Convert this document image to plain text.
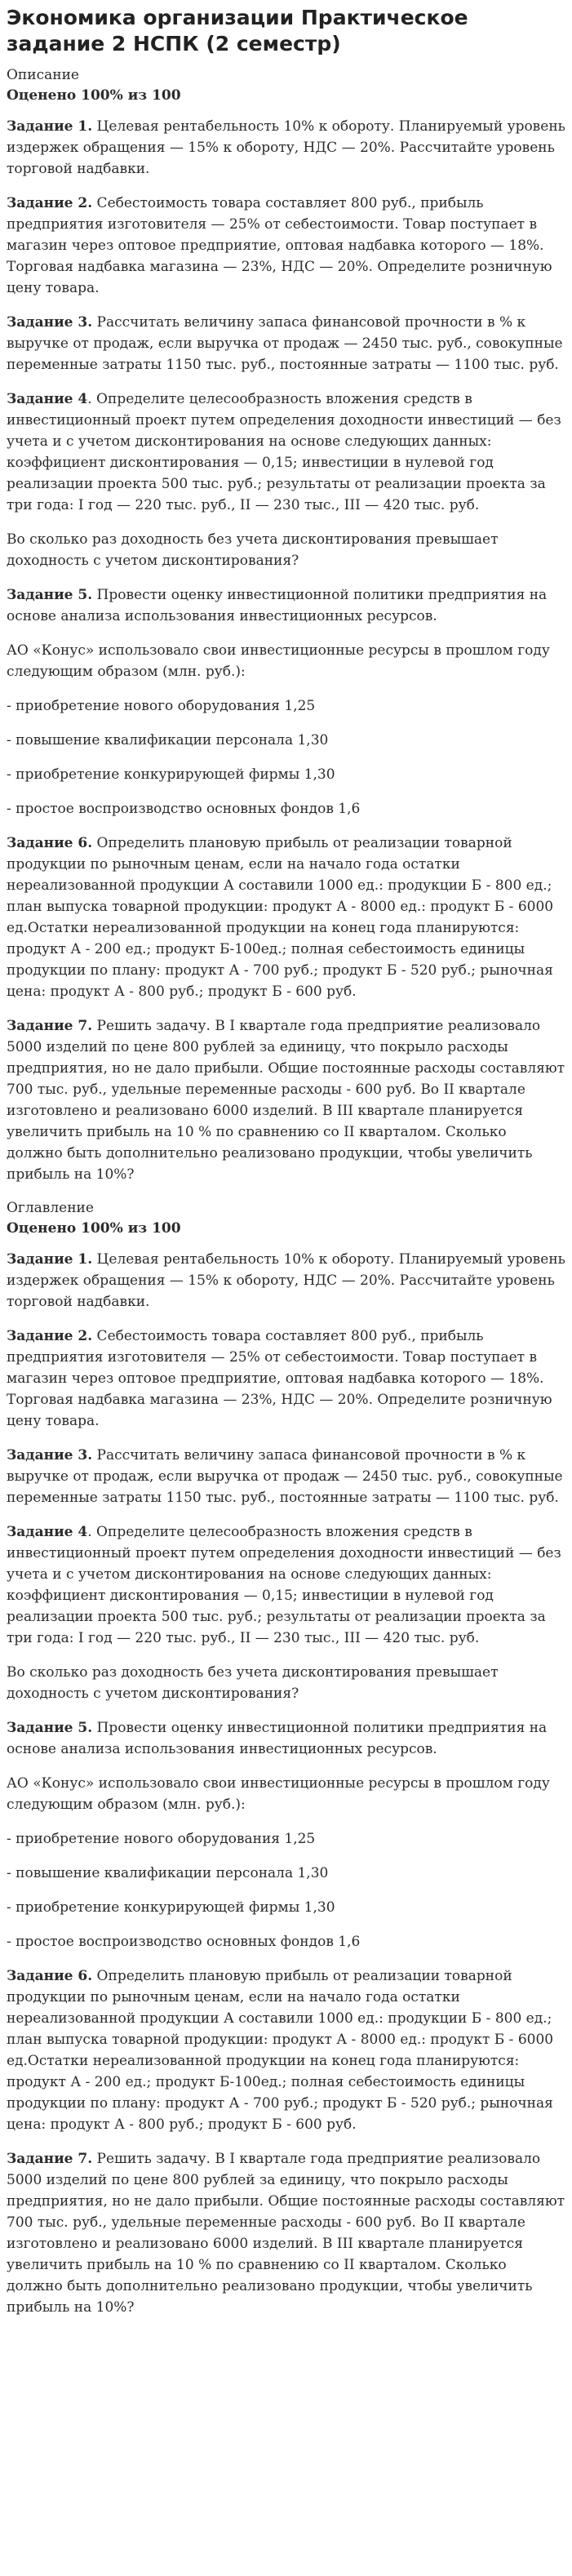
Экономика организации Практическое задание 2 НСПК (2 семестр)
Описание
Оценено 100% из 100
Задание 1. Целевая рентабельность 10% к обороту. Планируемый уровень издержек обращения — 15% к обороту, НДС — 20%. Рассчитайте уровень торговой надбавки.
Задание 2. Себестоимость товара составляет 800 руб., прибыль предприятия изготовителя — 25% от себестоимости. Товар поступает в магазин через оптовое предприятие, оптовая надбавка которого — 18%. Торговая надбавка магазина — 23%, НДС — 20%. Определите розничную цену товара.
Задание 3. Рассчитать величину запаса финансовой прочности в % к выручке от продаж, если выручка от продаж — 2450 тыс. руб., совокупные переменные затраты 1150 тыс. руб., постоянные затраты — 1100 тыс. руб.
Задание 4. Определите целесообразность вложения средств в инвестиционный проект путем определения доходности инвестиций — без учета и с учетом дисконтирования на основе следующих данных: коэффициент дисконтирования — 0,15; инвестиции в нулевой год реализации проекта 500 тыс. руб.; результаты от реализации проекта за три года: I год — 220 тыс. руб., II — 230 тыс., III — 420 тыс. руб.
Во сколько раз доходность без учета дисконтирования превышает доходность с учетом дисконтирования?
Задание 5. Провести оценку инвестиционной политики предприятия на основе анализа использования инвестиционных ресурсов.
АО «Конус» использовало свои инвестиционные ресурсы в прошлом году следующим образом (млн. руб.):
- приобретение нового оборудования 1,25
- повышение квалификации персонала 1,30
- приобретение конкурирующей фирмы 1,30
- простое воспроизводство основных фондов 1,6
Задание 6. Определить плановую прибыль от реализации товарной продукции по рыночным ценам, если на начало года остатки нереализованной продукции А составили 1000 ед.: продукции Б - 800 ед.; план выпуска товарной продукции: продукт А - 8000 ед.: продукт Б - 6000 ед.Остатки нереализованной продукции на конец года планируются: продукт А - 200 ед.; продукт Б-100ед.; полная себестоимость единицы продукции по плану: продукт А - 700 руб.; продукт Б - 520 руб.; рыночная цена: продукт А - 800 руб.; продукт Б - 600 руб.
Задание 7. Решить задачу. В I квартале года предприятие реализовало 5000 изделий по цене 800 рублей за единицу, что покрыло расходы предприятия, но не дало прибыли. Общие постоянные расходы составляют 700 тыс. руб., удельные переменные расходы - 600 руб. Во II квартале изготовлено и реализовано 6000 изделий. В III квартале планируется увеличить прибыль на 10 % по сравнению со II кварталом. Сколько должно быть дополнительно реализовано продукции, чтобы увеличить прибыль на 10%?
Оглавление
Оценено 100% из 100
Задание 1. Целевая рентабельность 10% к обороту. Планируемый уровень издержек обращения — 15% к обороту, НДС — 20%. Рассчитайте уровень торговой надбавки.
Задание 2. Себестоимость товара составляет 800 руб., прибыль предприятия изготовителя — 25% от себестоимости. Товар поступает в магазин через оптовое предприятие, оптовая надбавка которого — 18%. Торговая надбавка магазина — 23%, НДС — 20%. Определите розничную цену товара.
Задание 3. Рассчитать величину запаса финансовой прочности в % к выручке от продаж, если выручка от продаж — 2450 тыс. руб., совокупные переменные затраты 1150 тыс. руб., постоянные затраты — 1100 тыс. руб.
Задание 4. Определите целесообразность вложения средств в инвестиционный проект путем определения доходности инвестиций — без учета и с учетом дисконтирования на основе следующих данных: коэффициент дисконтирования — 0,15; инвестиции в нулевой год реализации проекта 500 тыс. руб.; результаты от реализации проекта за три года: I год — 220 тыс. руб., II — 230 тыс., III — 420 тыс. руб.
Во сколько раз доходность без учета дисконтирования превышает доходность с учетом дисконтирования?
Задание 5. Провести оценку инвестиционной политики предприятия на основе анализа использования инвестиционных ресурсов.
АО «Конус» использовало свои инвестиционные ресурсы в прошлом году следующим образом (млн. руб.):
- приобретение нового оборудования 1,25
- повышение квалификации персонала 1,30
- приобретение конкурирующей фирмы 1,30
- простое воспроизводство основных фондов 1,6
Задание 6. Определить плановую прибыль от реализации товарной продукции по рыночным ценам, если на начало года остатки нереализованной продукции А составили 1000 ед.: продукции Б - 800 ед.; план выпуска товарной продукции: продукт А - 8000 ед.: продукт Б - 6000 ед.Остатки нереализованной продукции на конец года планируются: продукт А - 200 ед.; продукт Б-100ед.; полная себестоимость единицы продукции по плану: продукт А - 700 руб.; продукт Б - 520 руб.; рыночная цена: продукт А - 800 руб.; продукт Б - 600 руб.
Задание 7. Решить задачу. В I квартале года предприятие реализовало 5000 изделий по цене 800 рублей за единицу, что покрыло расходы предприятия, но не дало прибыли. Общие постоянные расходы составляют 700 тыс. руб., удельные переменные расходы - 600 руб. Во II квартале изготовлено и реализовано 6000 изделий. В III квартале планируется увеличить прибыль на 10 % по сравнению со II кварталом. Сколько должно быть дополнительно реализовано продукции, чтобы увеличить прибыль на 10%?
